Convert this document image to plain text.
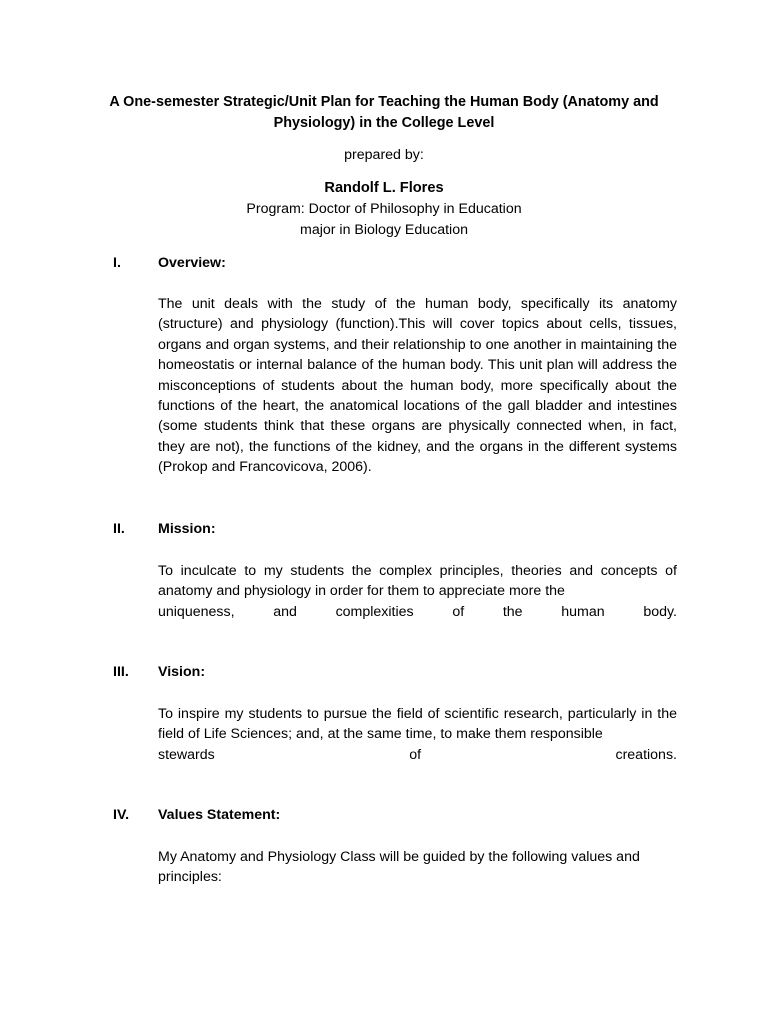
A One-semester Strategic/Unit Plan for Teaching the Human Body (Anatomy and Physiology) in the College Level
prepared by:
Randolf L. Flores
Program: Doctor of Philosophy in Education
major in Biology Education
I.	Overview:
The unit deals with the study of the human body, specifically its anatomy (structure) and physiology (function).This will cover topics about cells, tissues, organs and organ systems, and their relationship to one another in maintaining the homeostatis or internal balance of the human body. This unit plan will address the misconceptions of students about the human body, more specifically about the functions of the heart, the anatomical locations of the gall bladder and intestines (some students think that these organs are physically connected when, in fact, they are not), the functions of the kidney, and the organs in the different systems (Prokop and Francovicova, 2006).
II. Mission:
To inculcate to my students the complex principles, theories and concepts of anatomy and physiology in order for them to appreciate more the
uniqueness,	and	complexities	of	the	human	body.
III. Vision:
To inspire my students to pursue the field of scientific research, particularly in the field of Life Sciences; and, at the same time, to make them responsible
stewards	of	creations.
IV. Values Statement:
My Anatomy and Physiology Class will be guided by the following values and principles:
